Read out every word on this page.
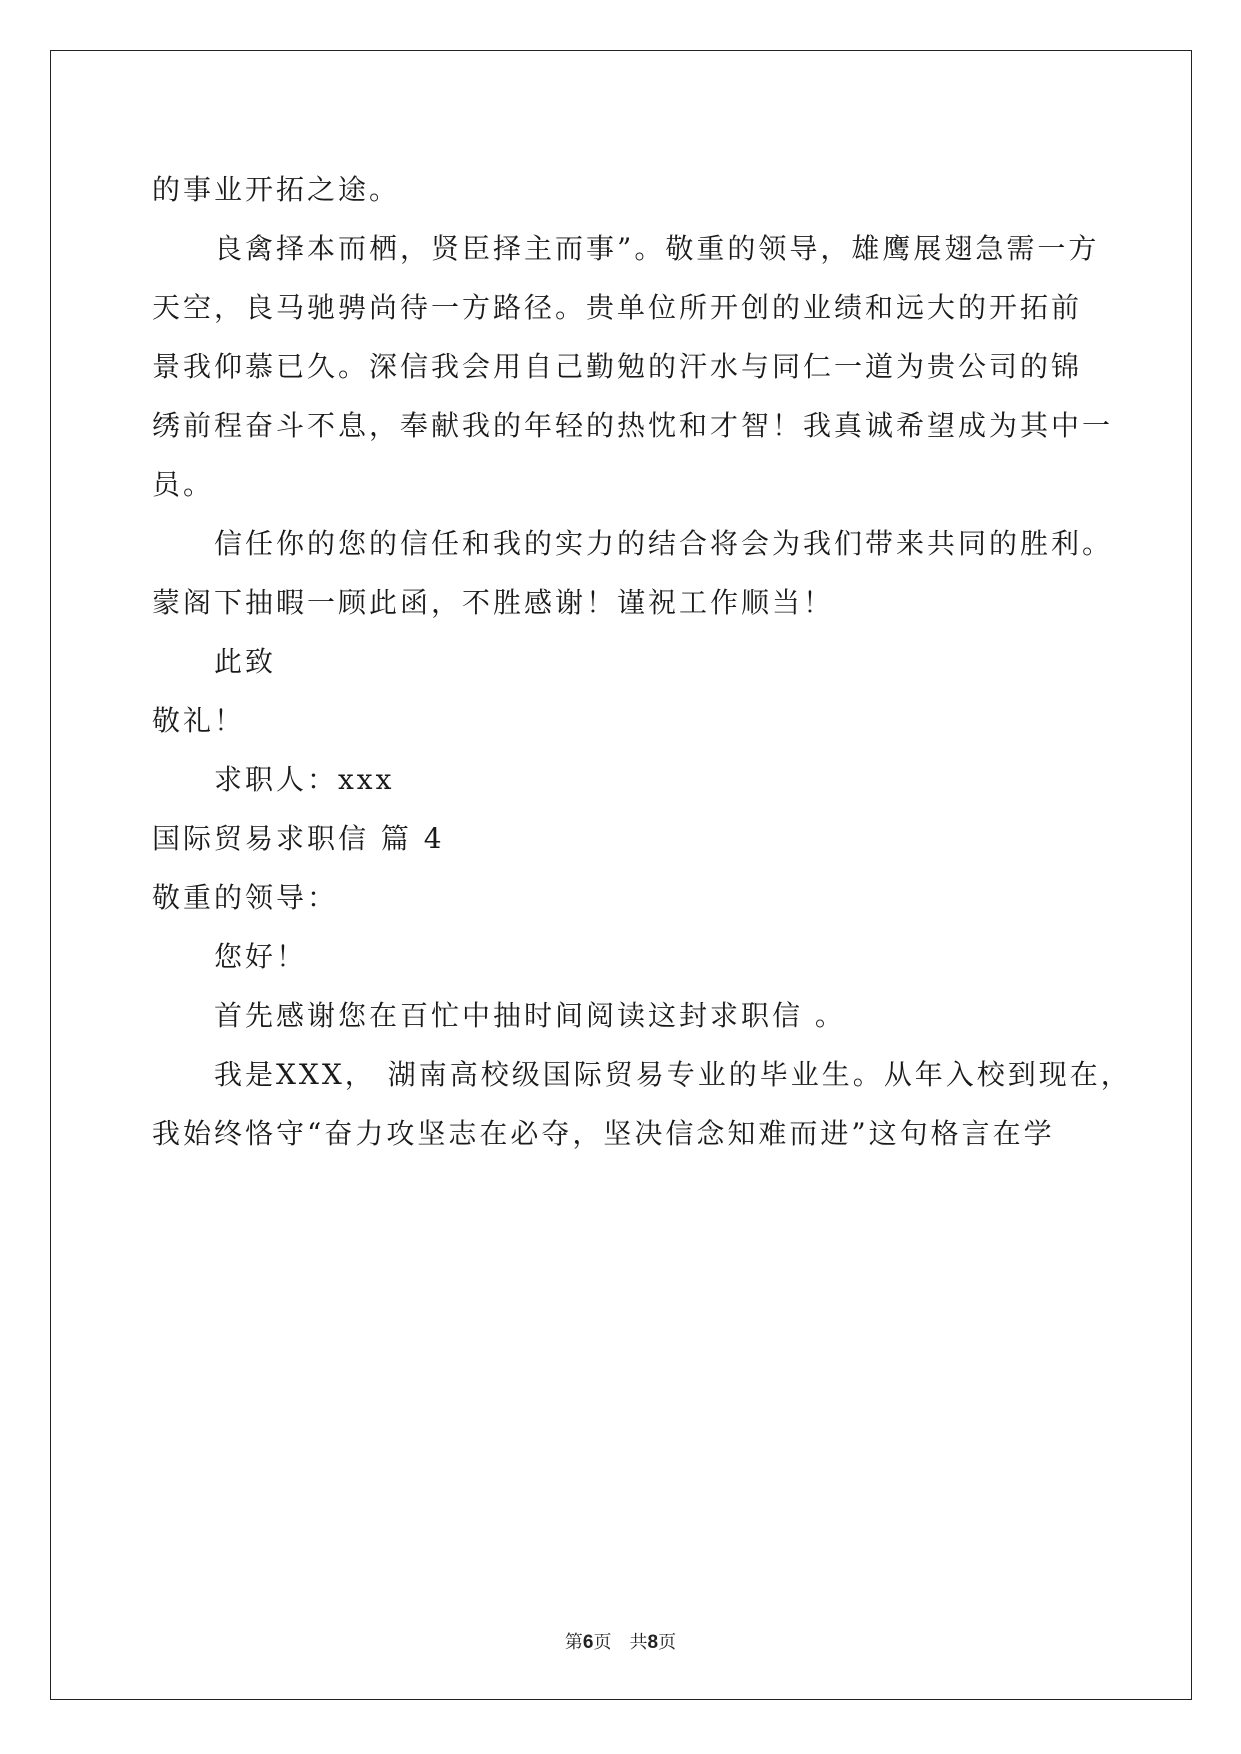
的事业开拓之途。
良禽择本而栖，贤臣择主而事”。敬重的领导，雄鹰展翅急需一方
天空，良马驰骋尚待一方路径。贵单位所开创的业绩和远大的开拓前
景我仰慕已久。深信我会用自己勤勉的汗水与同仁一道为贵公司的锦
绣前程奋斗不息，奉献我的年轻的热忱和才智！我真诚希望成为其中一
员。
信任你的您的信任和我的实力的结合将会为我们带来共同的胜利。
蒙阁下抽暇一顾此函，不胜感谢！谨祝工作顺当！
此致
敬礼！
求职人：xxx
国际贸易求职信 篇 4
敬重的领导：
您好！
首先感谢您在百忙中抽时间阅读这封求职信 。
我是XXX， 湖南高校级国际贸易专业的毕业生。从年入校到现在，
我始终恪守“奋力攻坚志在必夺，坚决信念知难而进”这句格言在学
第6页　共8页
